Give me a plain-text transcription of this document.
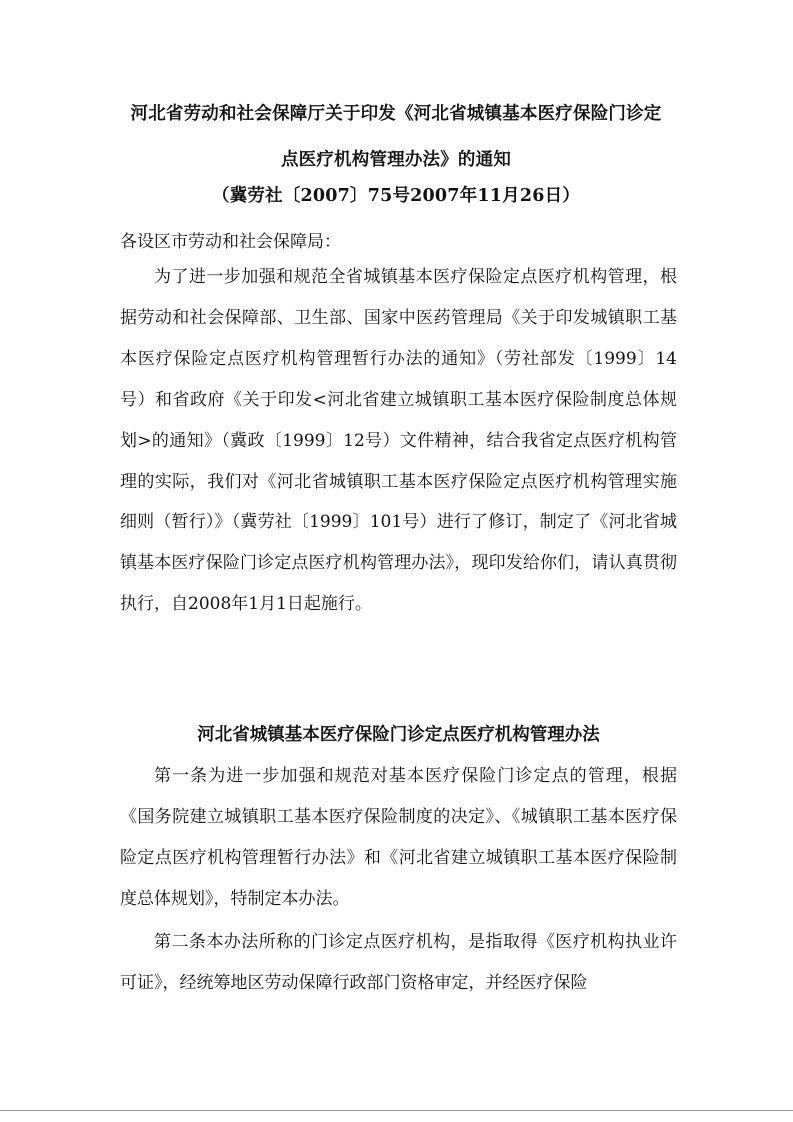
河北省劳动和社会保障厅关于印发《河北省城镇基本医疗保险门诊定
点医疗机构管理办法》的通知
（冀劳社〔2007〕75号2007年11月26日）
各设区市劳动和社会保障局：

为了进一步加强和规范全省城镇基本医疗保险定点医疗机构管理，根据劳动和社会保障部、卫生部、国家中医药管理局《关于印发城镇职工基本医疗保险定点医疗机构管理暂行办法的通知》（劳社部发〔1999〕14号）和省政府《关于印发<河北省建立城镇职工基本医疗保险制度总体规划>的通知》（冀政〔1999〕12号）文件精神，结合我省定点医疗机构管理的实际，我们对《河北省城镇职工基本医疗保险定点医疗机构管理实施细则（暂行）》（冀劳社〔1999〕101号）进行了修订，制定了《河北省城镇基本医疗保险门诊定点医疗机构管理办法》，现印发给你们，请认真贯彻执行，自2008年1月1日起施行。

河北省城镇基本医疗保险门诊定点医疗机构管理办法

第一条为进一步加强和规范对基本医疗保险门诊定点的管理，根据《国务院建立城镇职工基本医疗保险制度的决定》、《城镇职工基本医疗保险定点医疗机构管理暂行办法》和《河北省建立城镇职工基本医疗保险制度总体规划》，特制定本办法。

第二条本办法所称的门诊定点医疗机构，是指取得《医疗机构执业许可证》，经统筹地区劳动保障行政部门资格审定，并经医疗保险
